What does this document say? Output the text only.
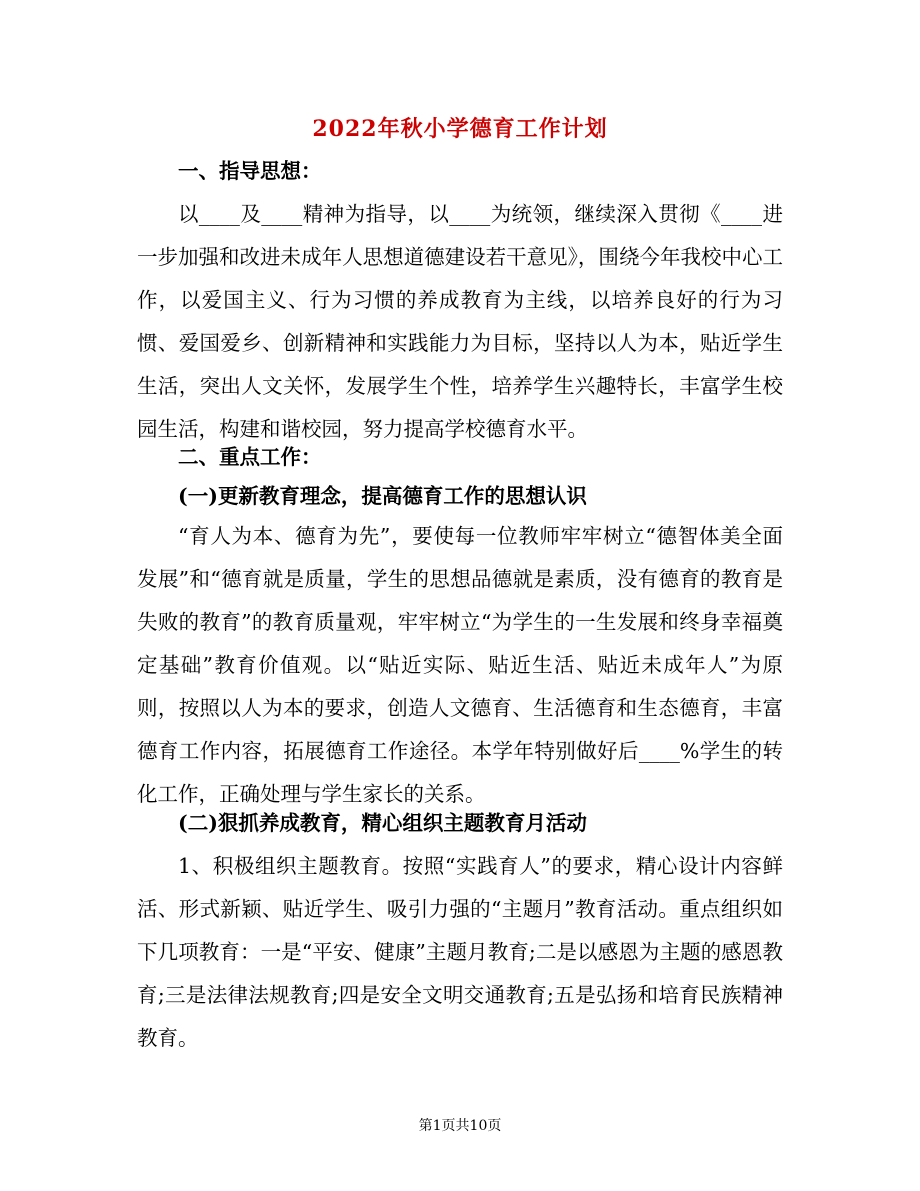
2022年秋小学德育工作计划
一、指导思想：
以____及____精神为指导，以____为统领，继续深入贯彻《____进一步加强和改进未成年人思想道德建设若干意见》，围绕今年我校中心工作，以爱国主义、行为习惯的养成教育为主线，以培养良好的行为习惯、爱国爱乡、创新精神和实践能力为目标，坚持以人为本，贴近学生生活，突出人文关怀，发展学生个性，培养学生兴趣特长，丰富学生校园生活，构建和谐校园，努力提高学校德育水平。
二、重点工作：
(一)更新教育理念，提高德育工作的思想认识
“育人为本、德育为先”，要使每一位教师牢牢树立“德智体美全面发展”和“德育就是质量，学生的思想品德就是素质，没有德育的教育是失败的教育”的教育质量观，牢牢树立“为学生的一生发展和终身幸福奠定基础”教育价值观。以“贴近实际、贴近生活、贴近未成年人”为原则，按照以人为本的要求，创造人文德育、生活德育和生态德育，丰富德育工作内容，拓展德育工作途径。本学年特别做好后____%学生的转化工作，正确处理与学生家长的关系。
(二)狠抓养成教育，精心组织主题教育月活动
1、积极组织主题教育。按照“实践育人”的要求，精心设计内容鲜活、形式新颖、贴近学生、吸引力强的“主题月”教育活动。重点组织如下几项教育：一是“平安、健康”主题月教育;二是以感恩为主题的感恩教育;三是法律法规教育;四是安全文明交通教育;五是弘扬和培育民族精神教育。
第1页共10页
